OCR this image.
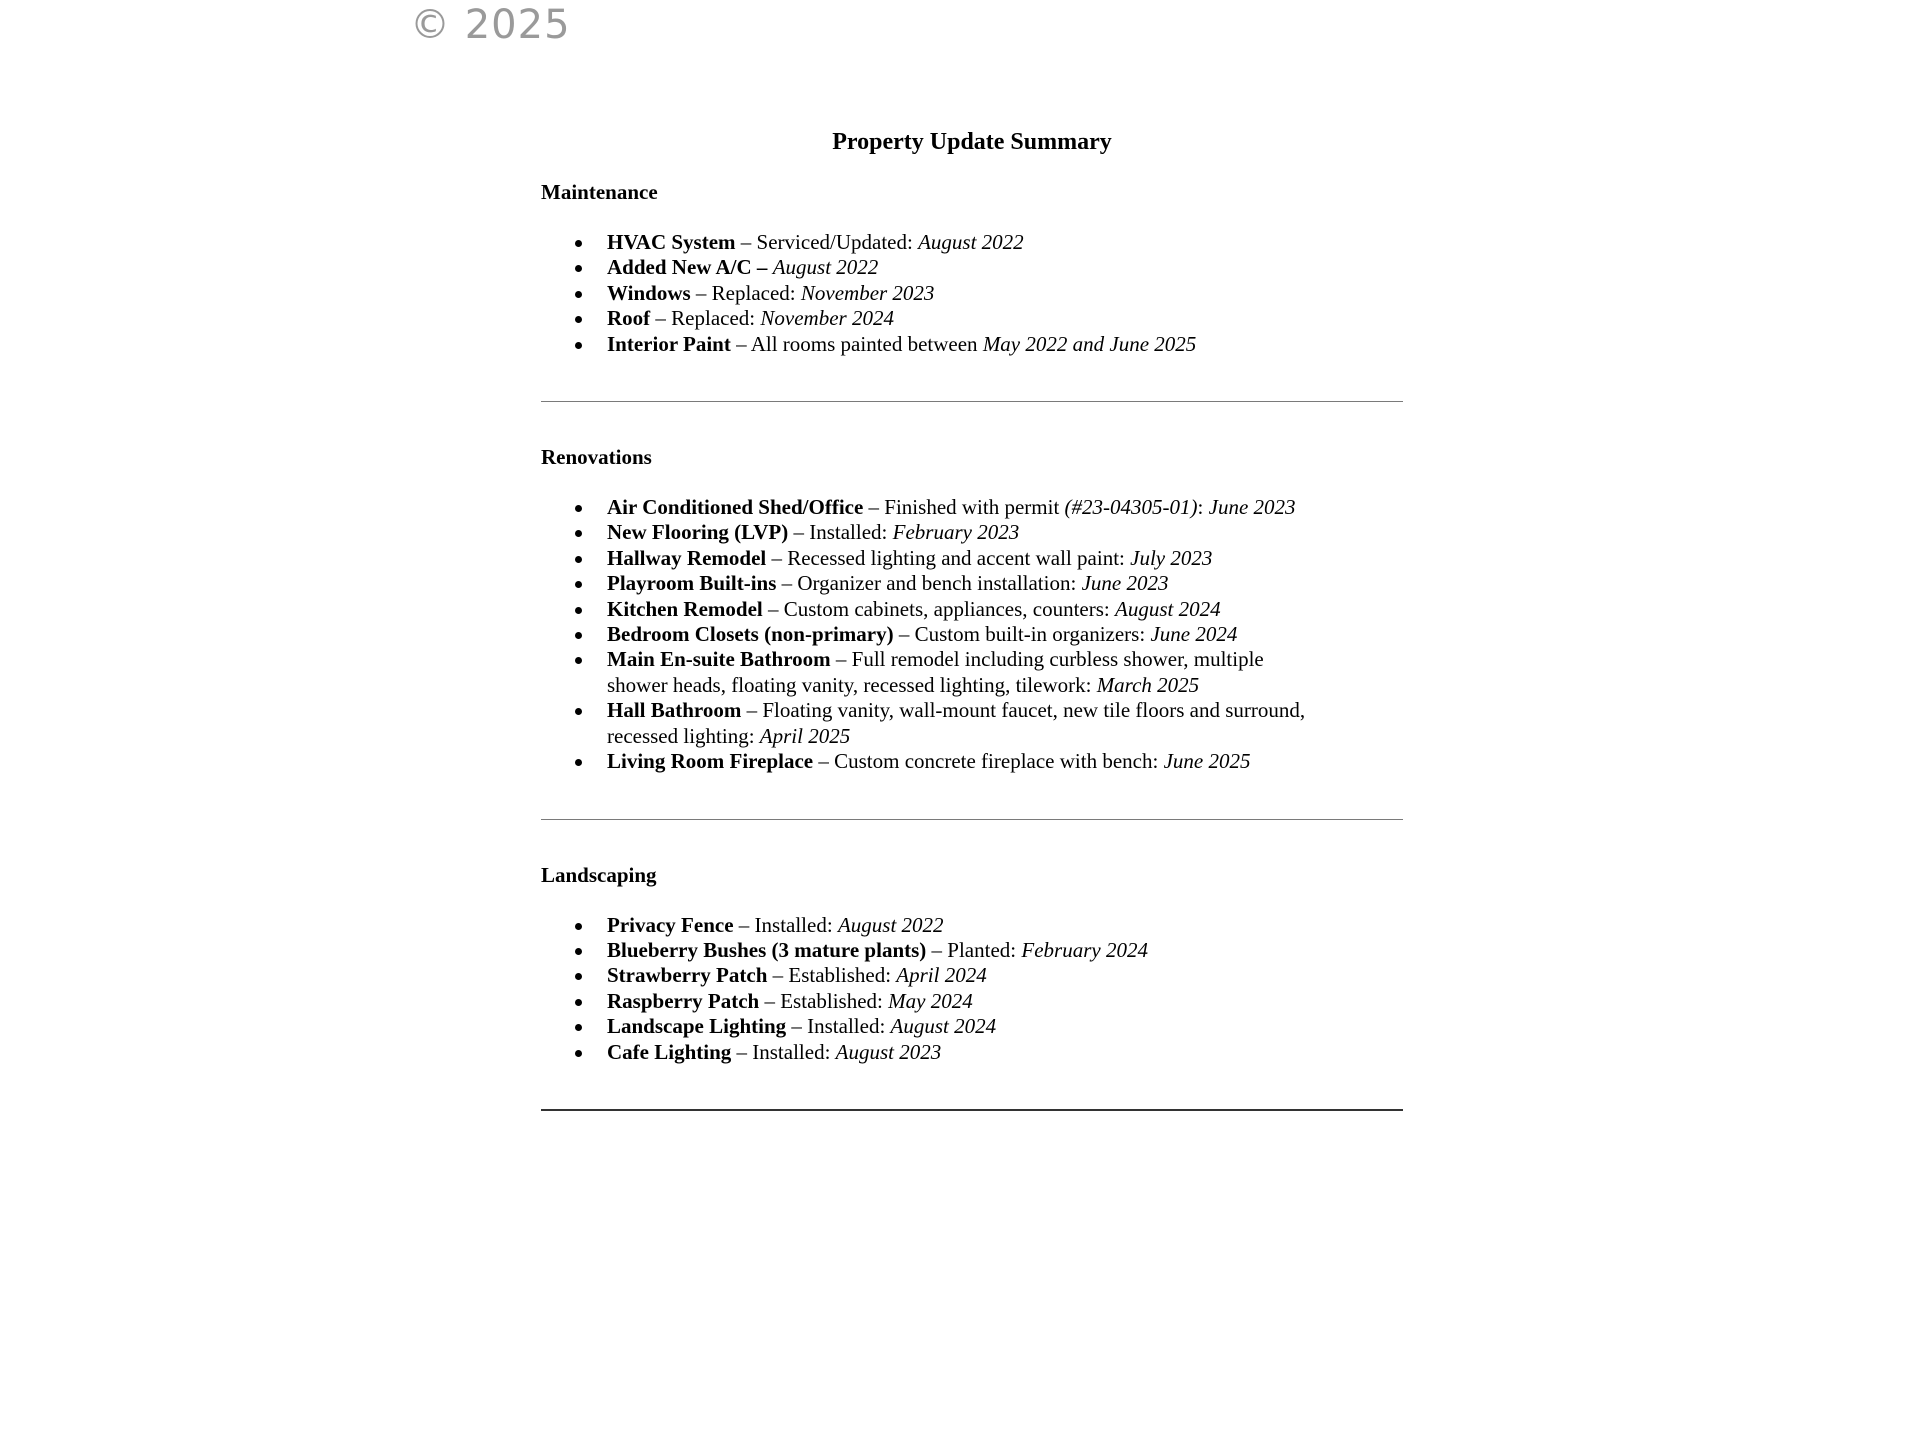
© 2025
Property Update Summary
Maintenance
HVAC System – Serviced/Updated: August 2022
Added New A/C – August 2022
Windows – Replaced: November 2023
Roof – Replaced: November 2024
Interior Paint – All rooms painted between May 2022 and June 2025
Renovations
Air Conditioned Shed/Office – Finished with permit (#23-04305-01): June 2023
New Flooring (LVP) – Installed: February 2023
Hallway Remodel – Recessed lighting and accent wall paint: July 2023
Playroom Built-ins – Organizer and bench installation: June 2023
Kitchen Remodel – Custom cabinets, appliances, counters: August 2024
Bedroom Closets (non-primary) – Custom built-in organizers: June 2024
Main En-suite Bathroom – Full remodel including curbless shower, multiple shower heads, floating vanity, recessed lighting, tilework: March 2025
Hall Bathroom – Floating vanity, wall-mount faucet, new tile floors and surround, recessed lighting: April 2025
Living Room Fireplace – Custom concrete fireplace with bench: June 2025
Landscaping
Privacy Fence – Installed: August 2022
Blueberry Bushes (3 mature plants) – Planted: February 2024
Strawberry Patch – Established: April 2024
Raspberry Patch – Established: May 2024
Landscape Lighting – Installed: August 2024
Cafe Lighting – Installed: August 2023
